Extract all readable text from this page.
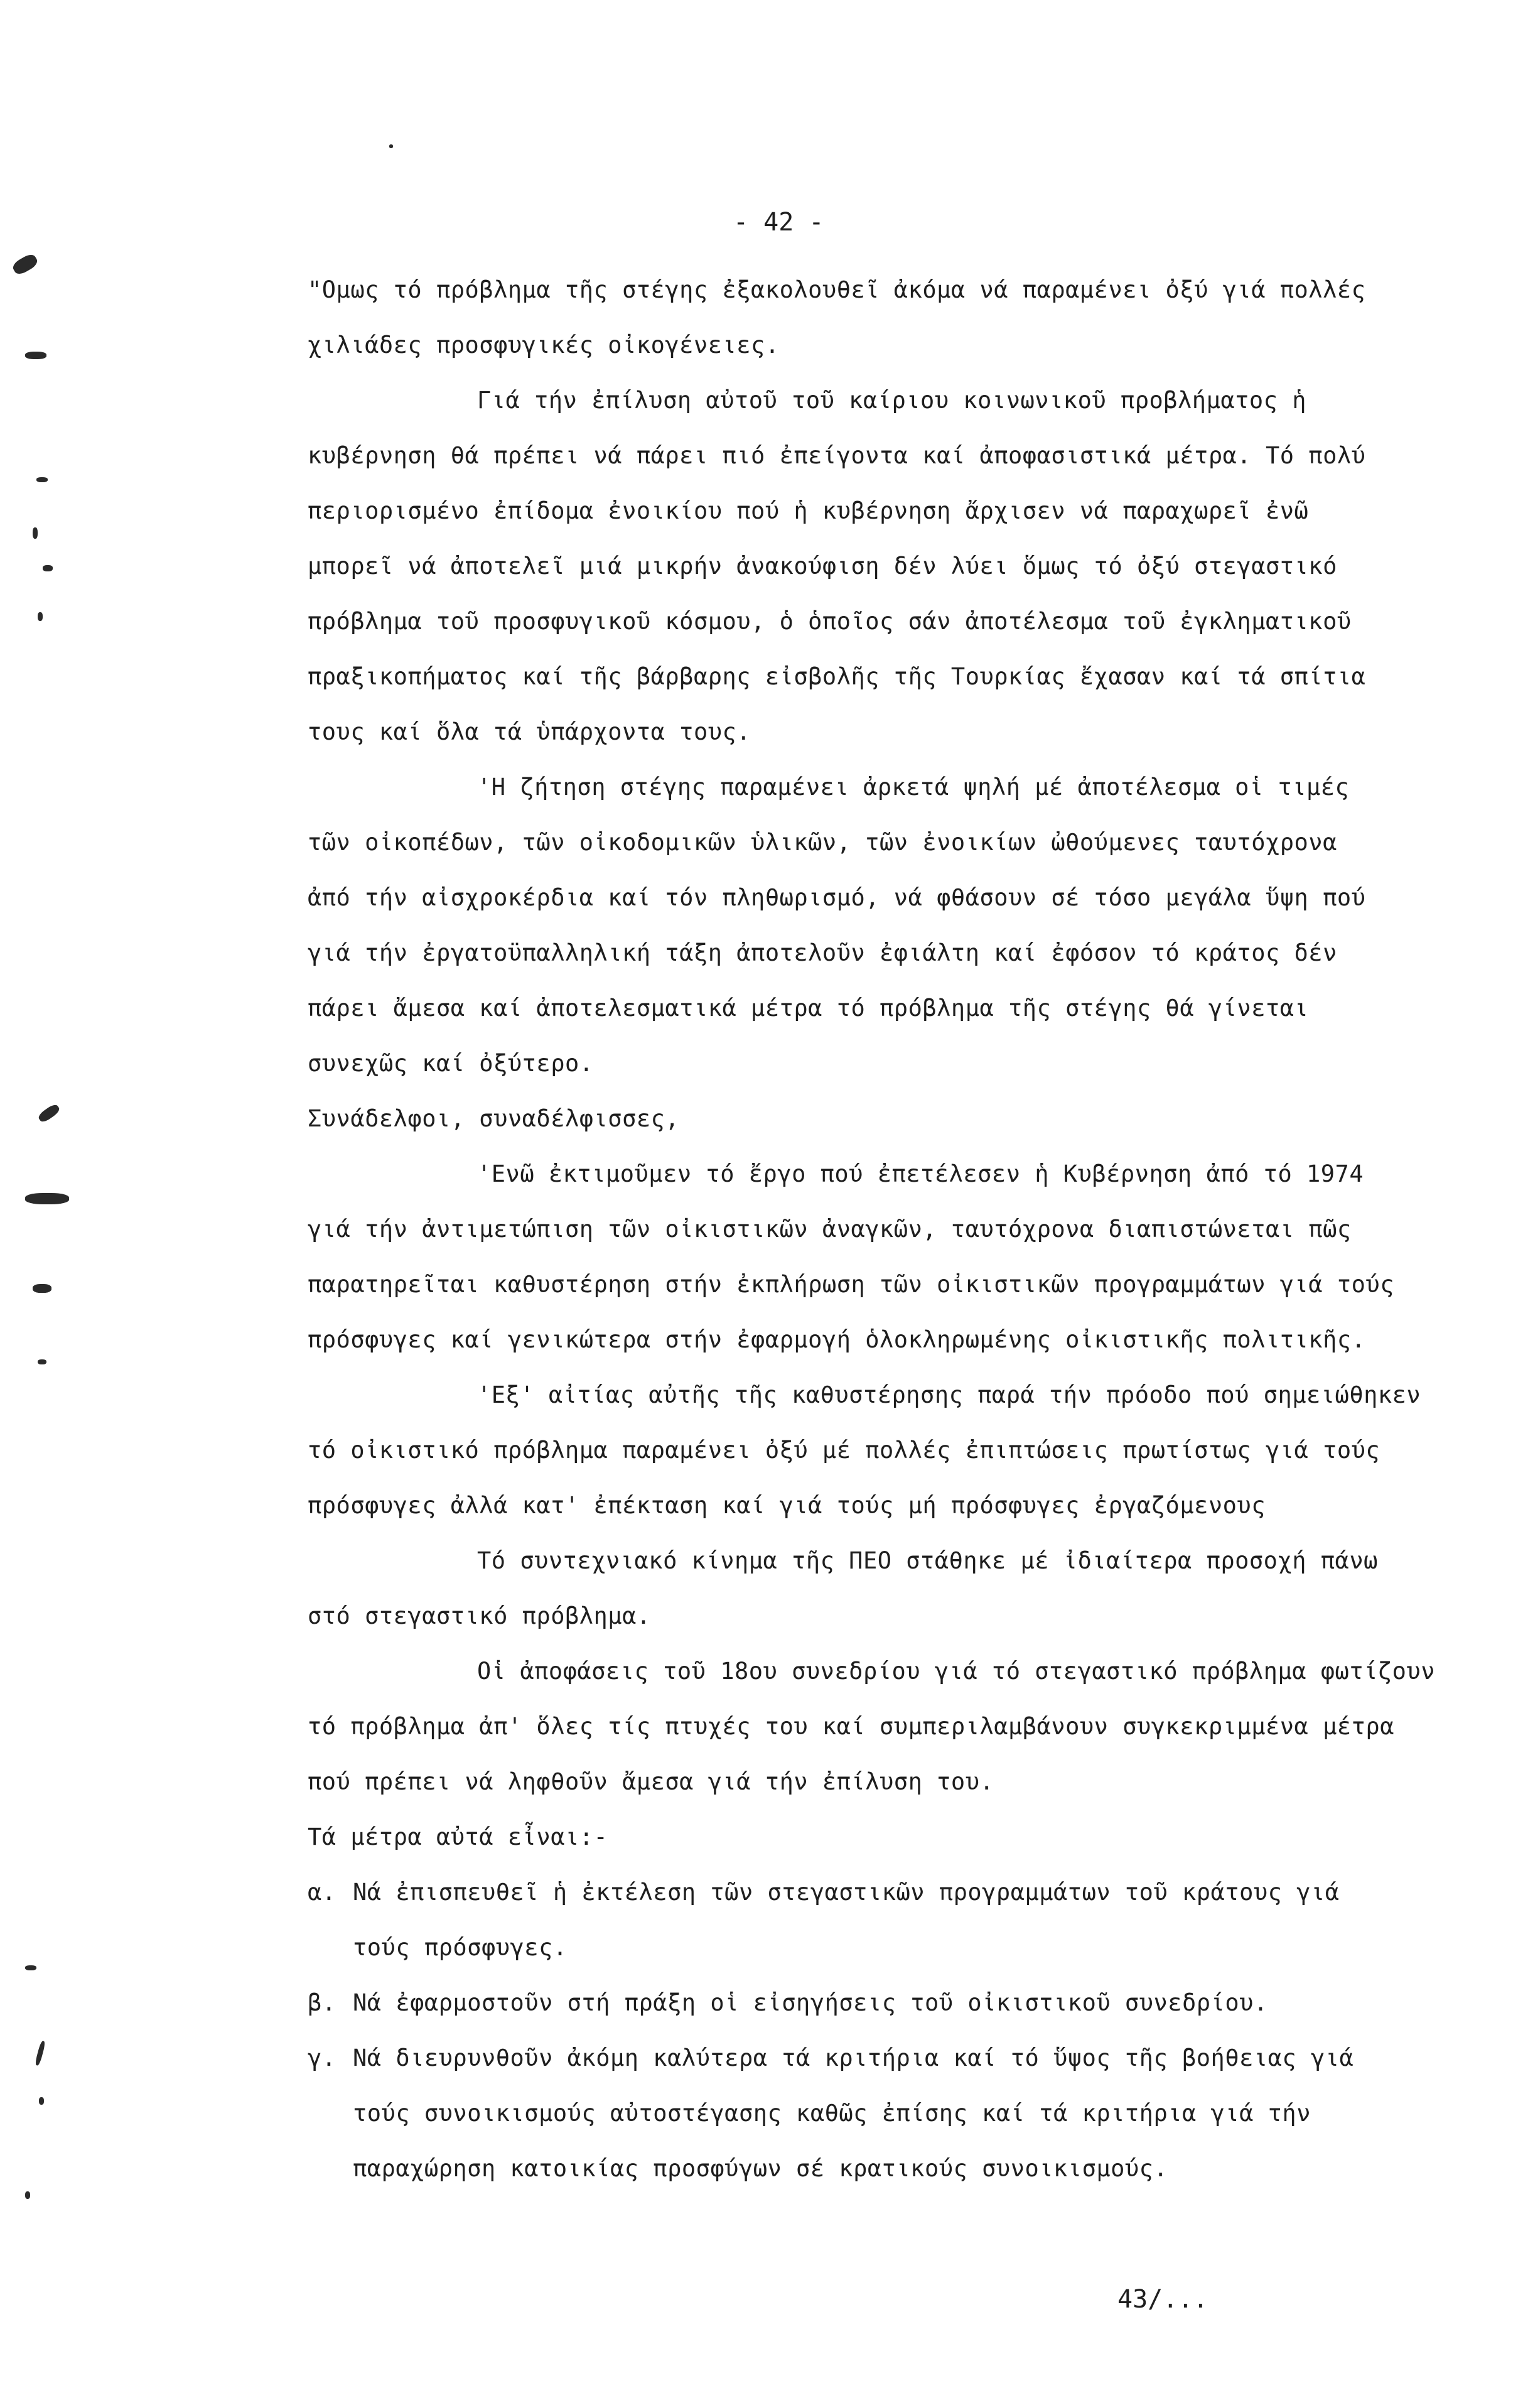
- 42 -
"Ομως τό πρόβλημα τῆς στέγης ἐξακολουθεῖ ἀκόμα νά παραμένει ὀξύ γιά πολλές
χιλιάδες προσφυγικές οἰκογένειες.
Γιά τήν ἐπίλυση αὐτοῦ τοῦ καίριου κοινωνικοῦ προβλήματος ἡ
κυβέρνηση θά πρέπει νά πάρει πιό ἐπείγοντα καί ἀποφασιστικά μέτρα. Τό πολύ
περιορισμένο ἐπίδομα ἐνοικίου πού ἡ κυβέρνηση ἄρχισεν νά παραχωρεῖ ἐνῶ
μπορεῖ νά ἀποτελεῖ μιά μικρήν ἀνακούφιση δέν λύει ὅμως τό ὀξύ στεγαστικό
πρόβλημα τοῦ προσφυγικοῦ κόσμου, ὁ ὁποῖος σάν ἀποτέλεσμα τοῦ ἐγκληματικοῦ
πραξικοπήματος καί τῆς βάρβαρης εἰσβολῆς τῆς Τουρκίας ἔχασαν καί τά σπίτια
τους καί ὅλα τά ὑπάρχοντα τους.
'Η ζήτηση στέγης παραμένει ἀρκετά ψηλή μέ ἀποτέλεσμα οἱ τιμές
τῶν οἰκοπέδων, τῶν οἰκοδομικῶν ὑλικῶν, τῶν ἐνοικίων ὠθούμενες ταυτόχρονα
ἀπό τήν αἰσχροκέρδια καί τόν πληθωρισμό, νά φθάσουν σέ τόσο μεγάλα ὕψη πού
γιά τήν ἐργατοϋπαλληλική τάξη ἀποτελοῦν ἐφιάλτη καί ἐφόσον τό κράτος δέν
πάρει ἄμεσα καί ἀποτελεσματικά μέτρα τό πρόβλημα τῆς στέγης θά γίνεται
συνεχῶς καί ὀξύτερο.
Συνάδελφοι, συναδέλφισσες,
'Ενῶ ἐκτιμοῦμεν τό ἔργο πού ἐπετέλεσεν ἡ Κυβέρνηση ἀπό τό 1974
γιά τήν ἀντιμετώπιση τῶν οἰκιστικῶν ἀναγκῶν, ταυτόχρονα διαπιστώνεται πῶς
παρατηρεῖται καθυστέρηση στήν ἐκπλήρωση τῶν οἰκιστικῶν προγραμμάτων γιά τούς
πρόσφυγες καί γενικώτερα στήν ἐφαρμογή ὁλοκληρωμένης οἰκιστικῆς πολιτικῆς.
'Εξ' αἰτίας αὐτῆς τῆς καθυστέρησης παρά τήν πρόοδο πού σημειώθηκεν
τό οἰκιστικό πρόβλημα παραμένει ὀξύ μέ πολλές ἐπιπτώσεις πρωτίστως γιά τούς
πρόσφυγες ἀλλά κατ' ἐπέκταση καί γιά τούς μή πρόσφυγες ἐργαζόμενους
Τό συντεχνιακό κίνημα τῆς ΠΕΟ στάθηκε μέ ἰδιαίτερα προσοχή πάνω
στό στεγαστικό πρόβλημα.
Οἱ ἀποφάσεις τοῦ 18ου συνεδρίου γιά τό στεγαστικό πρόβλημα φωτίζουν
τό πρόβλημα ἀπ' ὅλες τίς πτυχές του καί συμπεριλαμβάνουν συγκεκριμμένα μέτρα
πού πρέπει νά ληφθοῦν ἄμεσα γιά τήν ἐπίλυση του.
Τά μέτρα αὐτά εἶναι:-
α. Νά ἐπισπευθεῖ ἡ ἐκτέλεση τῶν στεγαστικῶν προγραμμάτων τοῦ κράτους γιά
τούς πρόσφυγες.
β. Νά ἐφαρμοστοῦν στή πράξη οἱ εἰσηγήσεις τοῦ οἰκιστικοῦ συνεδρίου.
γ. Νά διευρυνθοῦν ἀκόμη καλύτερα τά κριτήρια καί τό ὕψος τῆς βοήθειας γιά
τούς συνοικισμούς αὐτοστέγασης καθῶς ἐπίσης καί τά κριτήρια γιά τήν
παραχώρηση κατοικίας προσφύγων σέ κρατικούς συνοικισμούς.
43/...
